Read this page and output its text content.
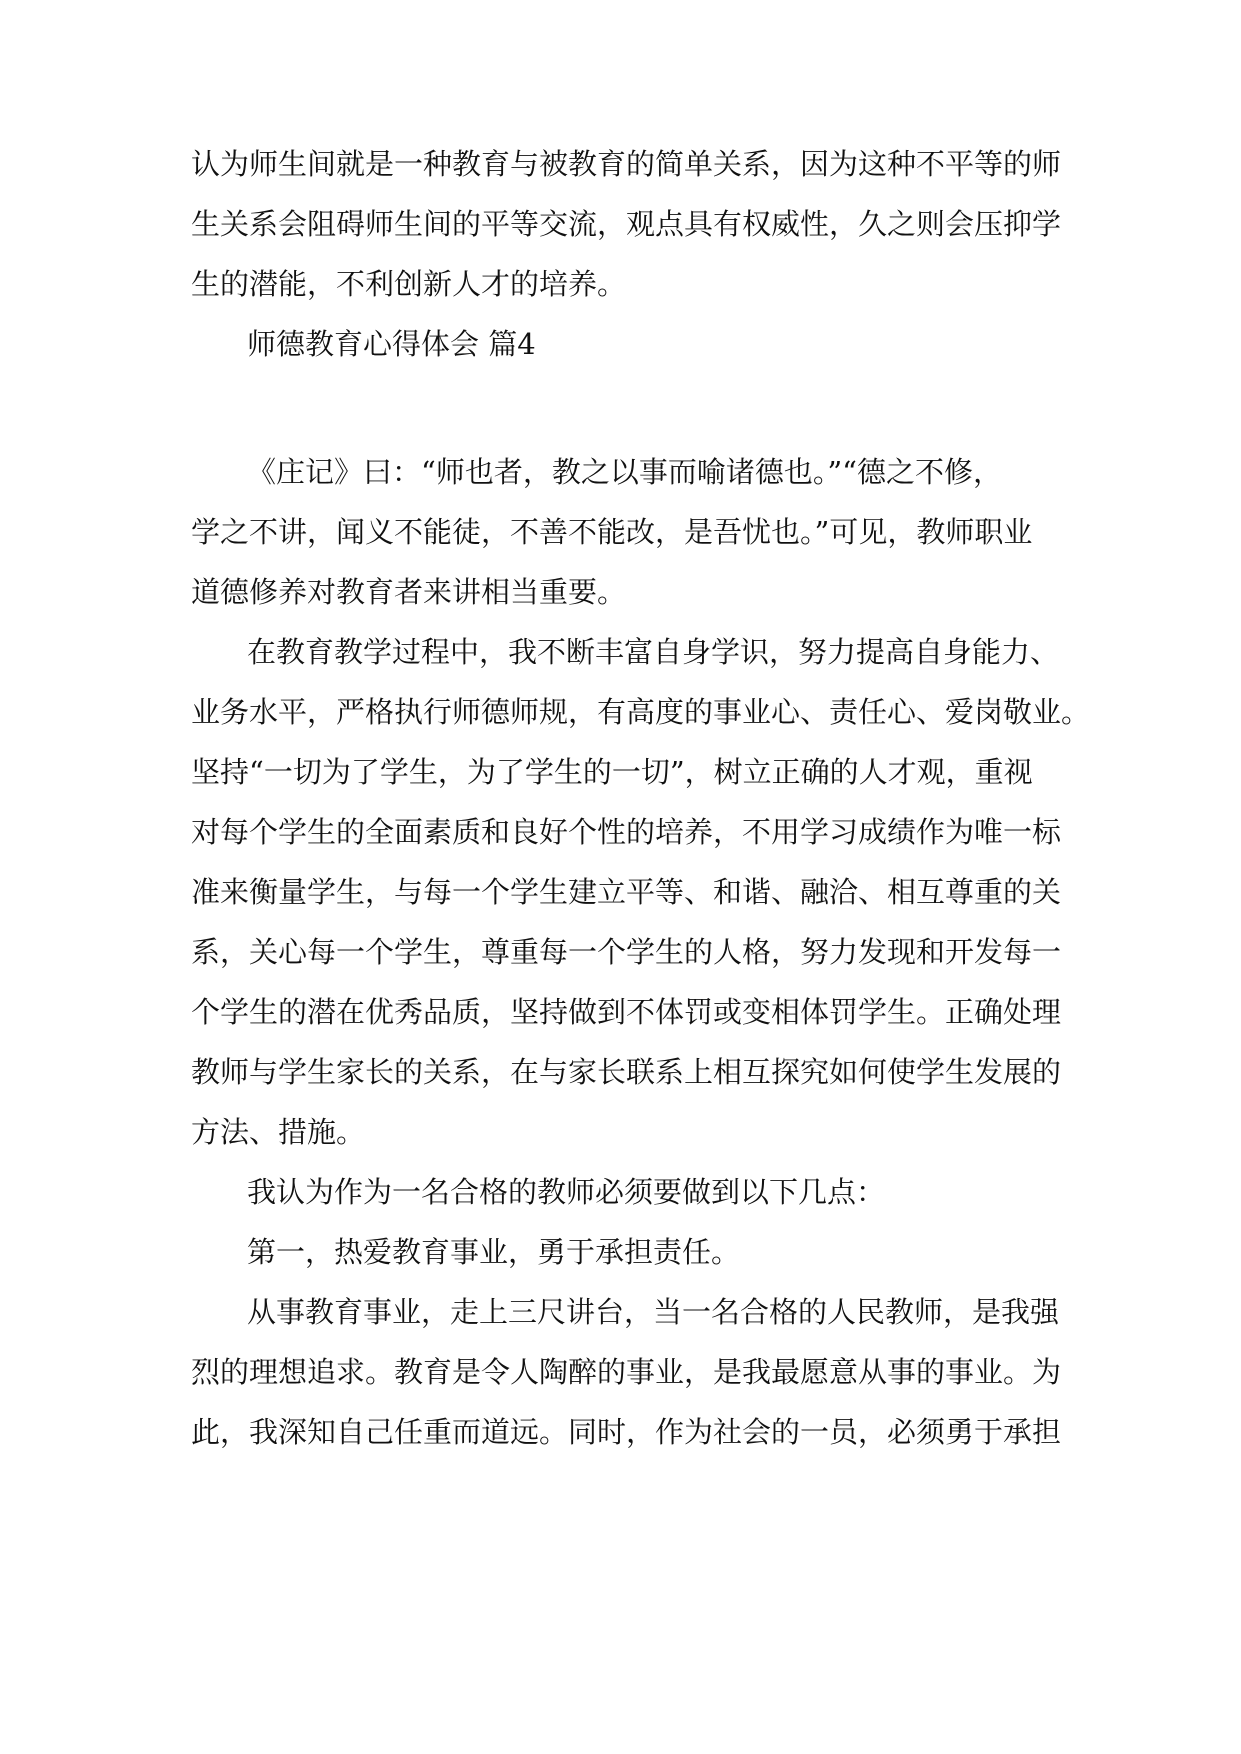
认为师生间就是一种教育与被教育的简单关系，因为这种不平等的师
生关系会阻碍师生间的平等交流，观点具有权威性，久之则会压抑学
生的潜能，不利创新人才的培养。
师德教育心得体会 篇4
《庄记》曰：“师也者，教之以事而喻诸德也。”“德之不修，
学之不讲，闻义不能徒，不善不能改，是吾忧也。”可见，教师职业
道德修养对教育者来讲相当重要。
在教育教学过程中，我不断丰富自身学识，努力提高自身能力、
业务水平，严格执行师德师规，有高度的事业心、责任心、爱岗敬业。
坚持“一切为了学生，为了学生的一切”，树立正确的人才观，重视
对每个学生的全面素质和良好个性的培养，不用学习成绩作为唯一标
准来衡量学生，与每一个学生建立平等、和谐、融洽、相互尊重的关
系，关心每一个学生，尊重每一个学生的人格，努力发现和开发每一
个学生的潜在优秀品质，坚持做到不体罚或变相体罚学生。正确处理
教师与学生家长的关系，在与家长联系上相互探究如何使学生发展的
方法、措施。
我认为作为一名合格的教师必须要做到以下几点：
第一，热爱教育事业，勇于承担责任。
从事教育事业，走上三尺讲台，当一名合格的人民教师，是我强
烈的理想追求。教育是令人陶醉的事业，是我最愿意从事的事业。为
此，我深知自己任重而道远。同时，作为社会的一员，必须勇于承担
